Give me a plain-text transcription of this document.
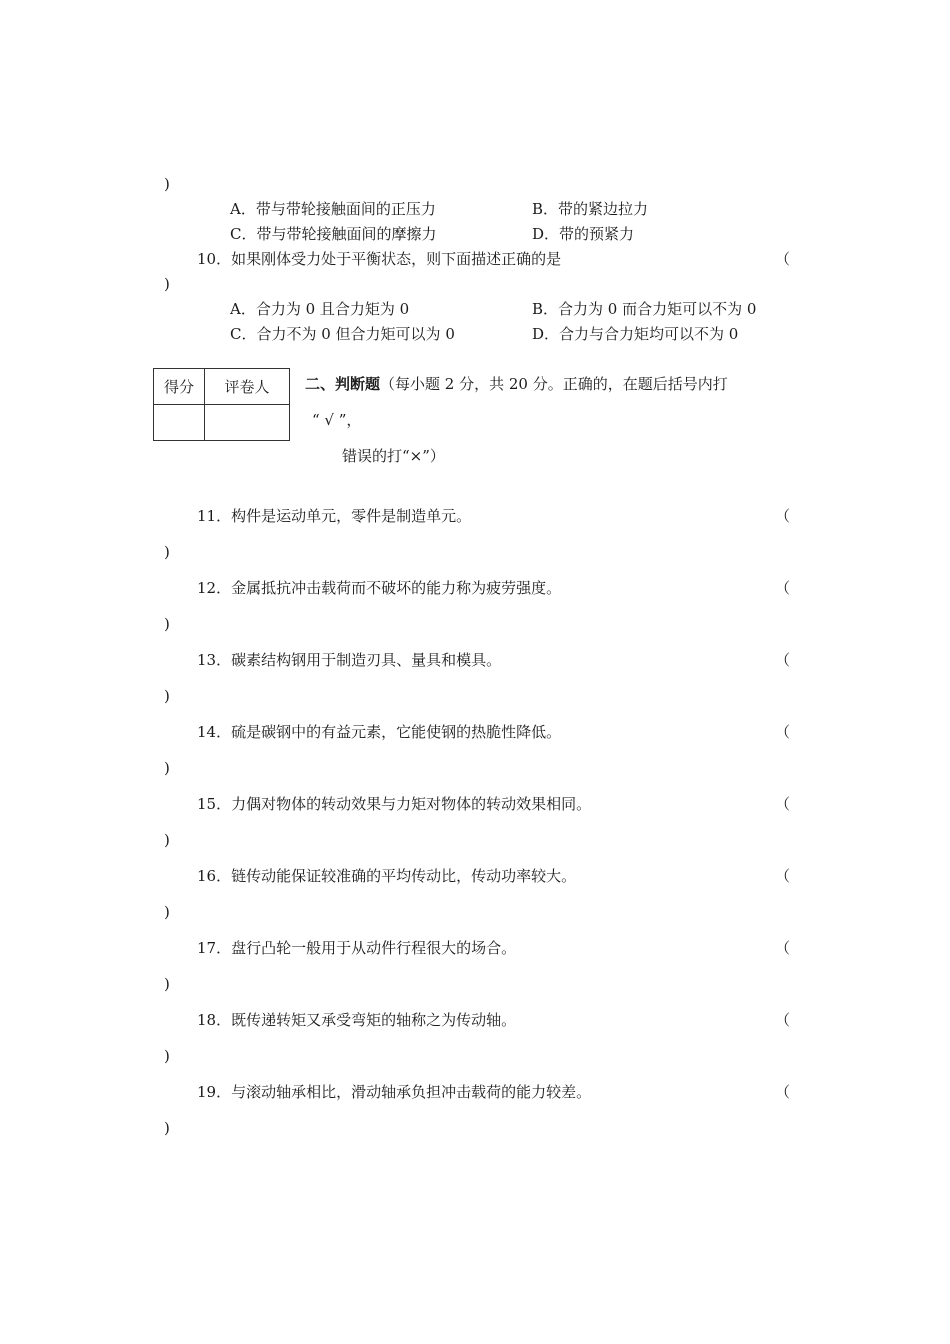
)
A．带与带轮接触面间的正压力	B．带的紧边拉力
C．带与带轮接触面间的摩擦力	D．带的预紧力
10．如果刚体受力处于平衡状态，则下面描述正确的是	（
)
A．合力为 0 且合力矩为 0	B．合力为 0 而合力矩可以不为 0
C．合力不为 0 但合力矩可以为 0	D．合力与合力矩均可以不为 0
得分	评卷人
	二、判断题（每小题 2 分，共 20 分。正确的，在题后括号内打
“ √ ”，
错误的打“×”）
11．构件是运动单元，零件是制造单元。	（
)
12．金属抵抗冲击载荷而不破坏的能力称为疲劳强度。	（
)
13．碳素结构钢用于制造刃具、量具和模具。	（
)
14．硫是碳钢中的有益元素，它能使钢的热脆性降低。	（
)
15．力偶对物体的转动效果与力矩对物体的转动效果相同。	（
)
16．链传动能保证较准确的平均传动比，传动功率较大。	（
)
17．盘行凸轮一般用于从动件行程很大的场合。	（
)
18．既传递转矩又承受弯矩的轴称之为传动轴。	（
)
19．与滚动轴承相比，滑动轴承负担冲击载荷的能力较差。	（
)
